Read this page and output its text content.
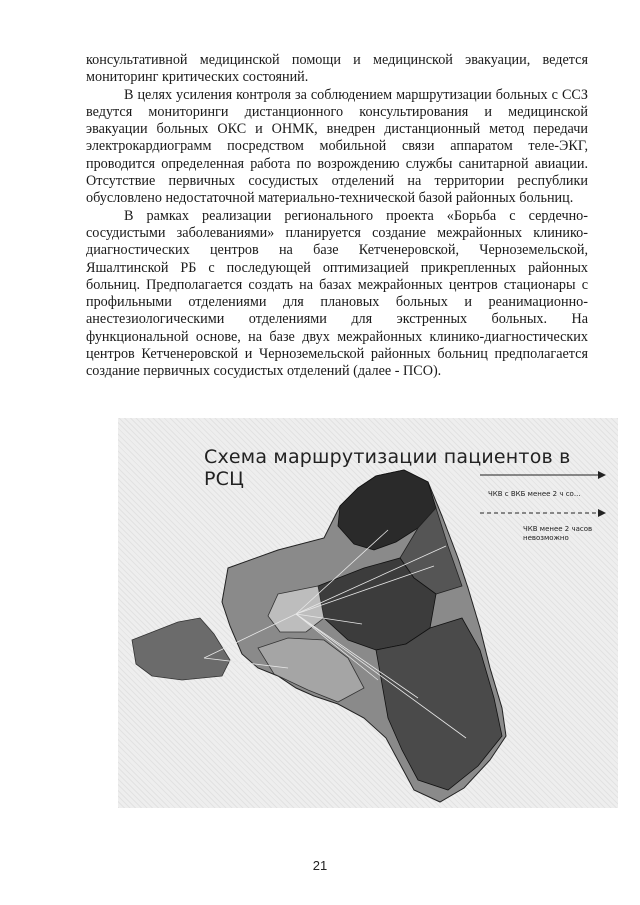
консультативной медицинской помощи и медицинской эвакуации, ведется мониторинг критических состояний.

В целях усиления контроля за соблюдением маршрутизации больных с ССЗ ведутся мониторинги дистанционного консультирования и медицинской эвакуации больных ОКС и ОНМК, внедрен дистанционный метод передачи электрокардиограмм посредством мобильной связи аппаратом теле-ЭКГ, проводится определенная работа по возрождению службы санитарной авиации. Отсутствие первичных сосудистых отделений на территории республики обусловлено недостаточной материально-технической базой районных больниц.

В рамках реализации регионального проекта «Борьба с сердечно-сосудистыми заболеваниями» планируется создание межрайонных клинико-диагностических центров на базе Кетченеровской, Черноземельской, Яшалтинской РБ с последующей оптимизацией прикрепленных районных больниц. Предполагается создать на базах межрайонных центров стационары с профильными отделениями для плановых больных и реанимационно-анестезиологическими отделениями для экстренных больных. На функциональной основе, на базе двух межрайонных клинико-диагностических центров Кетченеровской и Черноземельской районных больниц предполагается создание первичных сосудистых отделений (далее - ПСО).

Схема маршрутизации пациентов в РСЦ
ЧКВ с ВКБ менее 2 ч со...
ЧКВ менее 2 часов невозможно
21
